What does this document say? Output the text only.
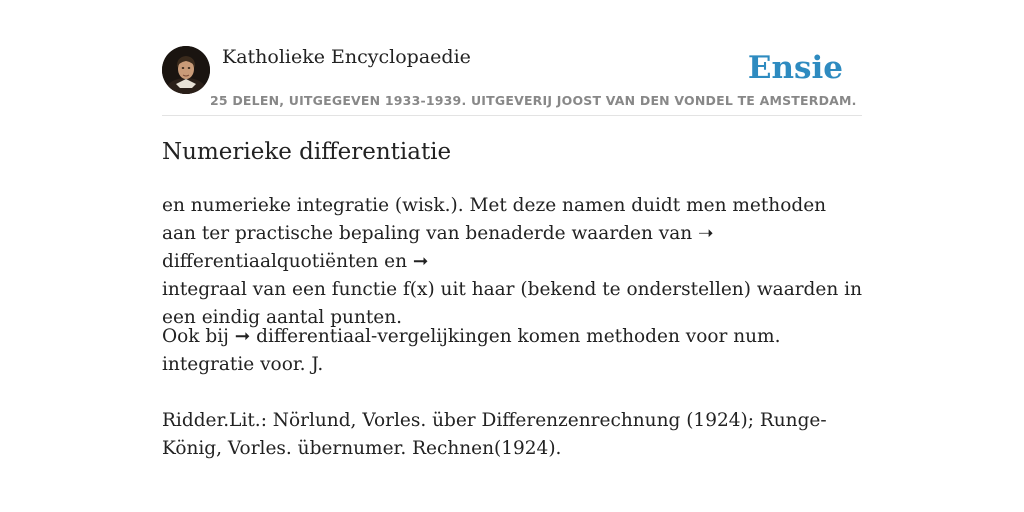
Katholieke Encyclopaedie
25 DELEN, UITGEGEVEN 1933-1939. UITGEVERIJ JOOST VAN DEN VONDEL TE AMSTERDAM.
Ensie
Numerieke differentiatie

en numerieke integratie (wisk.). Met deze namen duidt men methoden aan ter practische bepaling van benaderde waarden van ➝ differentiaalquotiënten en ➞
integraal van een functie f(x) uit haar (bekend te onderstellen) waarden in een eindig aantal punten.

Ook bij ➞ differentiaal-vergelijkingen komen methoden voor num. integratie voor. J.

Ridder.Lit.: Nörlund, Vorles. über Differenzenrechnung (1924); Runge-König, Vorles. übernumer. Rechnen(1924).
